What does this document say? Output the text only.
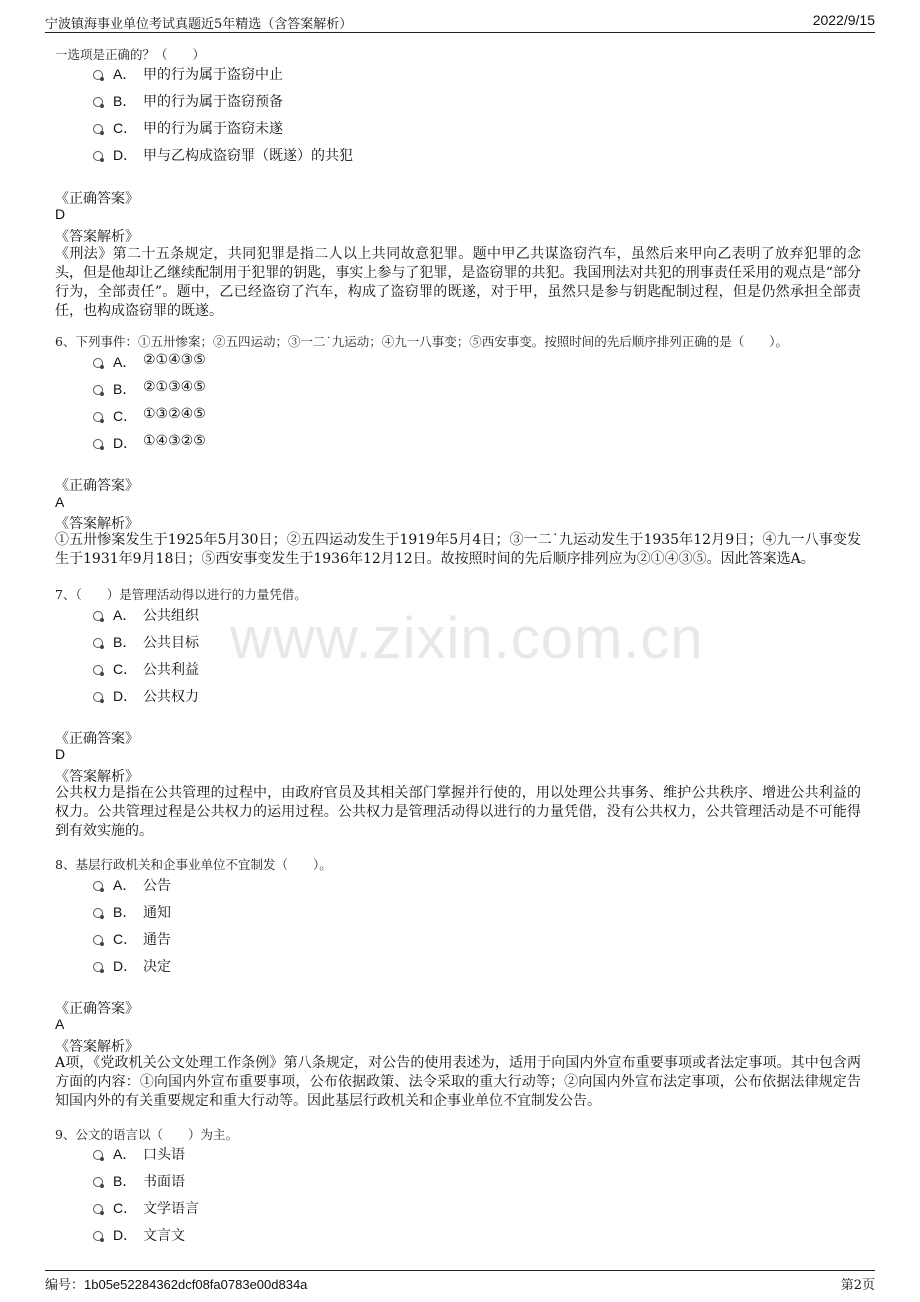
宁波镇海事业单位考试真题近5年精选（含答案解析）	2022/9/15
www.zixin.com.cn
一选项是正确的？（　　）
A． 甲的行为属于盗窃中止
B． 甲的行为属于盗窃预备
C． 甲的行为属于盗窃未遂
D． 甲与乙构成盗窃罪（既遂）的共犯
《正确答案》
D
《答案解析》
《刑法》第二十五条规定，共同犯罪是指二人以上共同故意犯罪。题中甲乙共谋盗窃汽车，虽然后来甲向乙表明了放弃犯罪的念头，但是他却让乙继续配制用于犯罪的钥匙，事实上参与了犯罪，是盗窃罪的共犯。我国刑法对共犯的刑事责任采用的观点是“部分行为，全部责任”。题中，乙已经盗窃了汽车，构成了盗窃罪的既遂，对于甲，虽然只是参与钥匙配制过程，但是仍然承担全部责任，也构成盗窃罪的既遂。
6、下列事件：①五卅惨案；②五四运动；③一二˙九运动；④九一八事变；⑤西安事变。按照时间的先后顺序排列正确的是（　　）。
A． ②①④③⑤
B． ②①③④⑤
C． ①③②④⑤
D． ①④③②⑤
《正确答案》
A
《答案解析》
①五卅惨案发生于1925年5月30日；②五四运动发生于1919年5月4日；③一二˙九运动发生于1935年12月9日；④九一八事变发生于1931年9月18日；⑤西安事变发生于1936年12月12日。故按照时间的先后顺序排列应为②①④③⑤。因此答案选A。
7、（　　）是管理活动得以进行的力量凭借。
A． 公共组织
B． 公共目标
C． 公共利益
D． 公共权力
《正确答案》
D
《答案解析》
公共权力是指在公共管理的过程中，由政府官员及其相关部门掌握并行使的，用以处理公共事务、维护公共秩序、增进公共利益的权力。公共管理过程是公共权力的运用过程。公共权力是管理活动得以进行的力量凭借，没有公共权力，公共管理活动是不可能得到有效实施的。
8、基层行政机关和企事业单位不宜制发（　　）。
A． 公告
B． 通知
C． 通告
D． 决定
《正确答案》
A
《答案解析》
A项，《党政机关公文处理工作条例》第八条规定，对公告的使用表述为，适用于向国内外宣布重要事项或者法定事项。其中包含两方面的内容：①向国内外宣布重要事项，公布依据政策、法令采取的重大行动等；②向国内外宣布法定事项，公布依据法律规定告知国内外的有关重要规定和重大行动等。因此基层行政机关和企事业单位不宜制发公告。
9、公文的语言以（　　）为主。
A． 口头语
B． 书面语
C． 文学语言
D． 文言文
编号：1b05e52284362dcf08fa0783e00d834a	第2页
